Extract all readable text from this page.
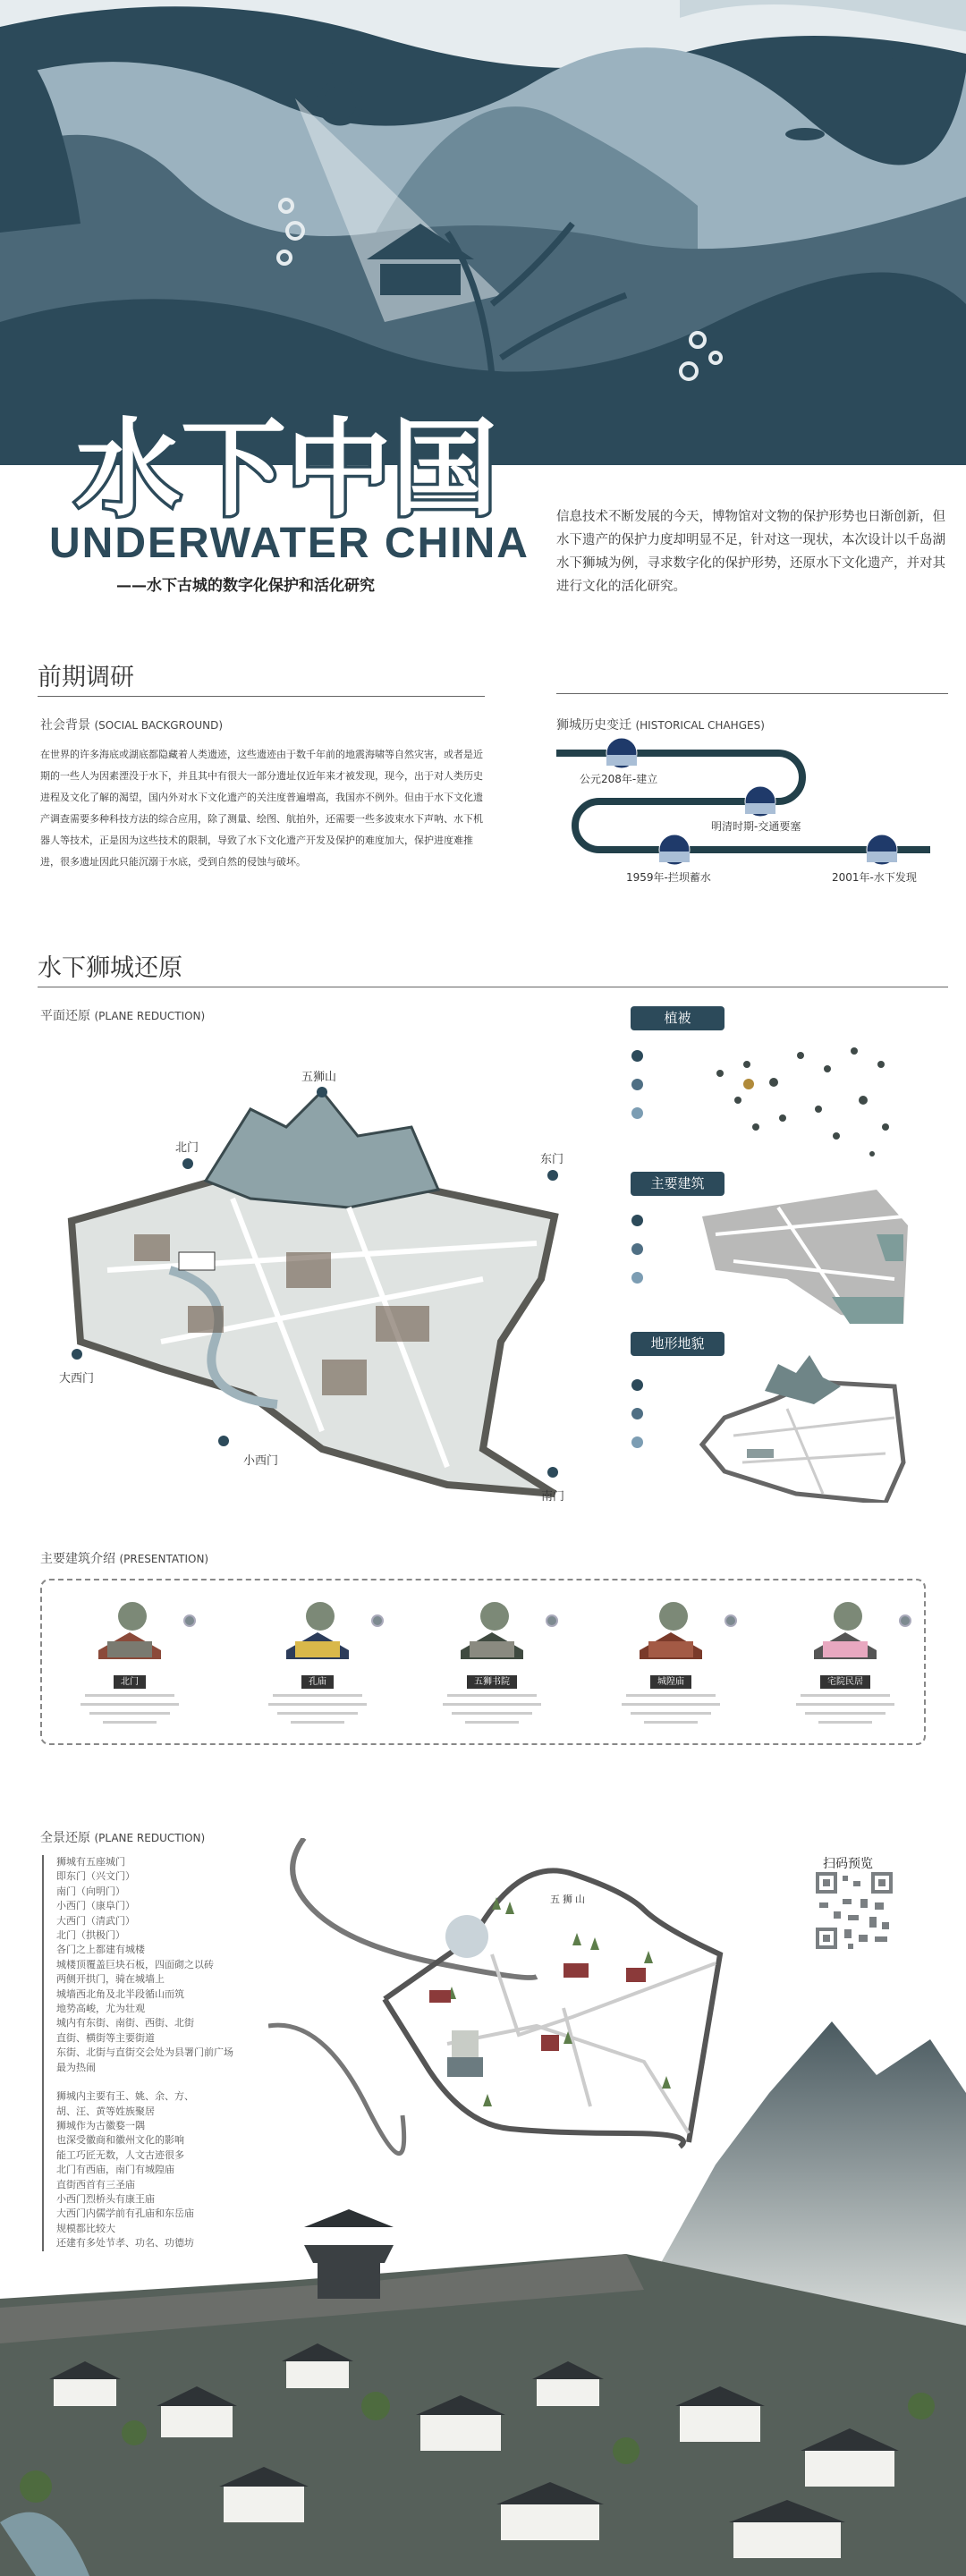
水下中国
UNDERWATER CHINA
——水下古城的数字化保护和活化研究
信息技术不断发展的今天，博物馆对文物的保护形势也日渐创新，但水下遗产的保护力度却明显不足，针对这一现状，本次设计以千岛湖水下狮城为例，寻求数字化的保护形势，还原水下文化遗产，并对其进行文化的活化研究。
前期调研
社会背景 (SOCIAL BACKGROUND)
在世界的许多海底或湖底都隐藏着人类遗迹，这些遗迹由于数千年前的地震海啸等自然灾害，或者是近期的一些人为因素湮没于水下，并且其中有很大一部分遗址仅近年来才被发现，现今，出于对人类历史进程及文化了解的渴望，国内外对水下文化遗产的关注度普遍增高，我国亦不例外。但由于水下文化遗产调查需要多种科技方法的综合应用，除了测量、绘图、航拍外，还需要一些多波束水下声呐、水下机器人等技术，正是因为这些技术的限制，导致了水下文化遗产开发及保护的难度加大，保护进度难推进，很多遗址因此只能沉溺于水底，受到自然的侵蚀与破坏。
狮城历史变迁 (HISTORICAL CHAHGES)
公元208年-建立
明清时期-交通要塞
1959年-拦坝蓄水	2001年-水下发现
水下狮城还原
平面还原 (PLANE REDUCTION)
五狮山
北门
东门
大西门
小西门
南门
植被
主要建筑
地形地貌
主要建筑介绍 (PRESENTATION)
北门	孔庙	五狮书院	城隍庙	宅院民居
全景还原 (PLANE REDUCTION)
狮城有五座城门
即东门（兴文门）
南门（向明门）
小西门（康阜门）
大西门（清武门）
北门（拱极门）
各门之上都建有城楼
城楼顶覆盖巨块石板，四面砌之以砖
两侧开拱门，骑在城墙上
城墙西北角及北半段循山而筑
地势高峻，尤为壮观
城内有东街、南街、西街、北街
直街、横街等主要街道
东街、北街与直街交会处为县署门前广场
最为热闹
狮城内主要有王、姚、余、方、
胡、汪、黄等姓族聚居
狮城作为古徽婺一隅
也深受徽商和徽州文化的影响
能工巧匠无数，人文古迹很多
北门有西庙，南门有城隍庙
直街西首有三圣庙
小西门烈桥头有康王庙
大西门内儒学前有孔庙和东岳庙
规模都比较大
还建有多处节孝、功名、功德坊
五狮山
扫码预览
